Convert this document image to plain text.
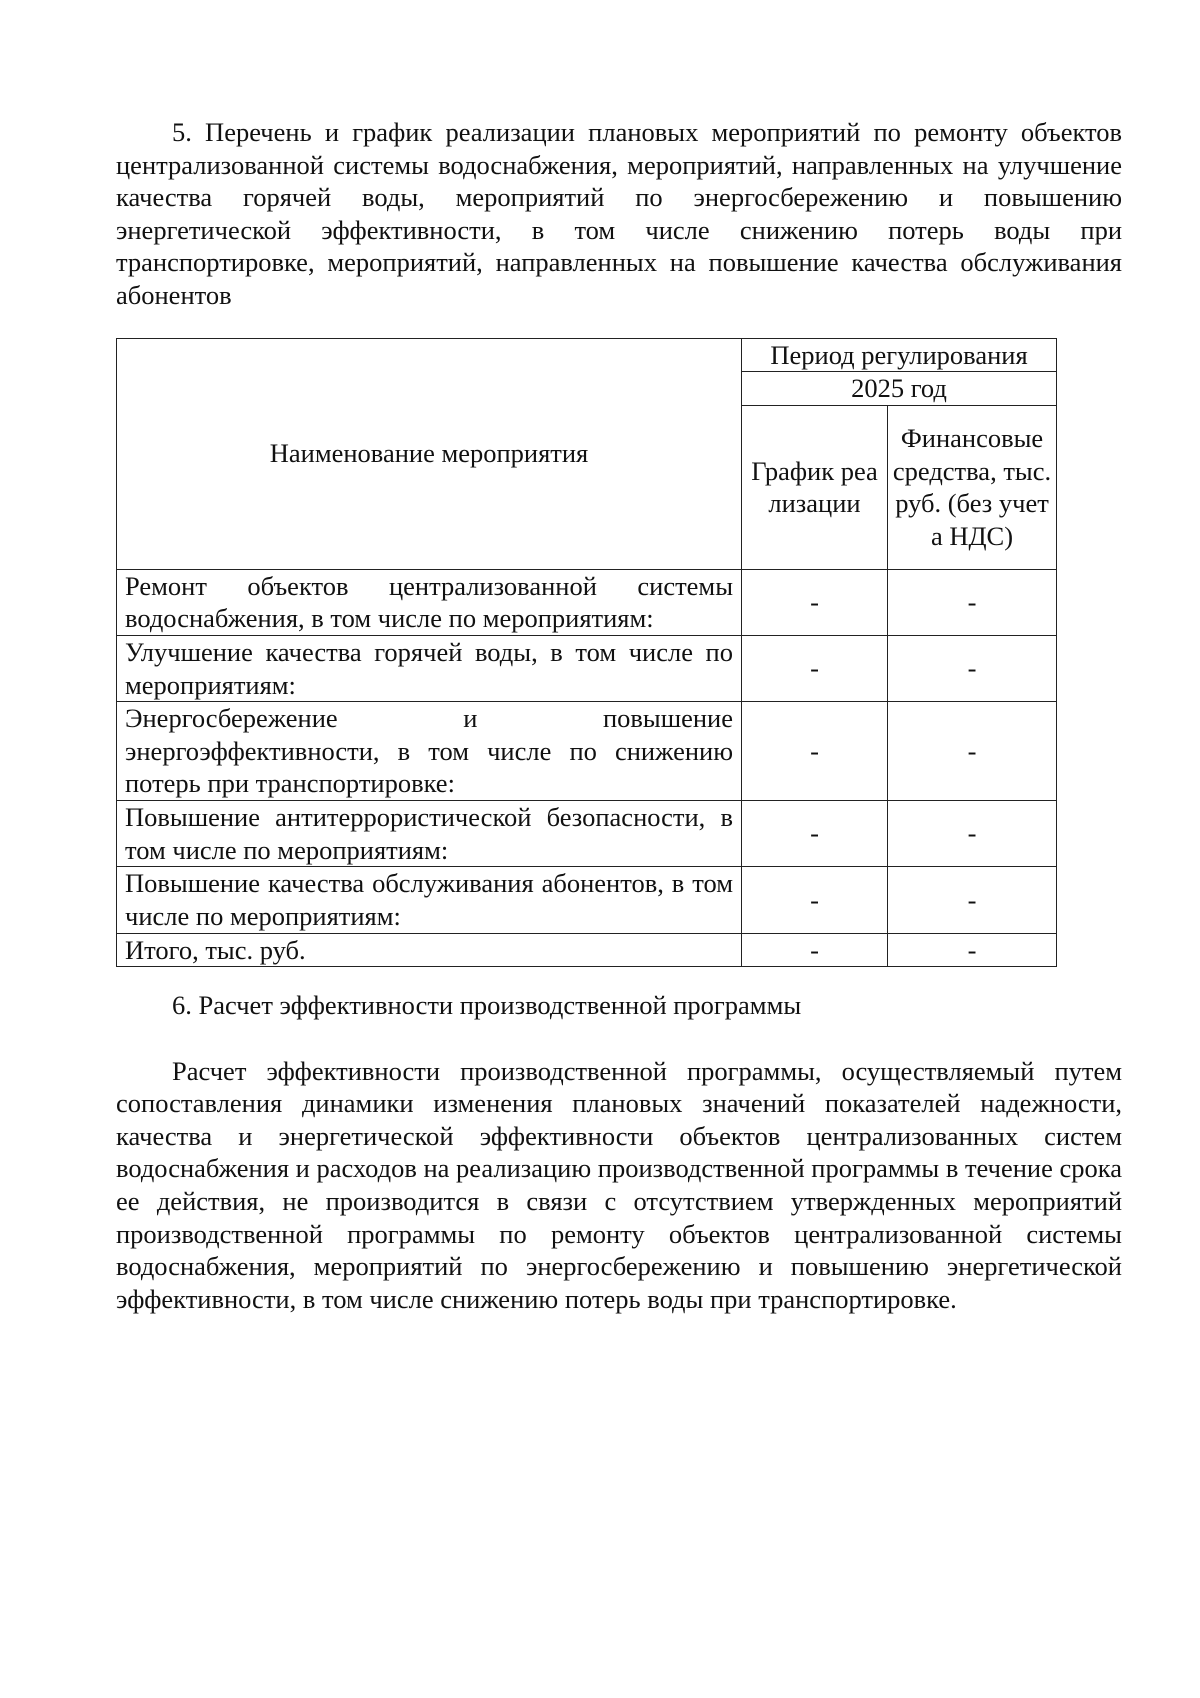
5. Перечень и график реализации плановых мероприятий по ремонту объектов централизованной системы водоснабжения, мероприятий, направленных на улучшение качества горячей воды, мероприятий по энергосбережению и повышению энергетической эффективности, в том числе снижению потерь воды при транспортировке, мероприятий, направленных на повышение качества обслуживания абонентов

Наименование мероприятия	Период регулирования	
	2025 год	
	График реализации	Финансовые средства, тыс. руб. (без учета НДС)
Ремонт объектов централизованной системы водоснабжения, в том числе по мероприятиям:	-	-
Улучшение качества горячей воды, в том числе по мероприятиям:	-	-
Энергосбережение и повышение энергоэффективности, в том числе по снижению потерь при транспортировке:	-	-
Повышение антитеррористической безопасности, в том числе по мероприятиям:	-	-
Повышение качества обслуживания абонентов, в том числе по мероприятиям:	-	-
Итого, тыс. руб.	-	-

6. Расчет эффективности производственной программы

Расчет эффективности производственной программы, осуществляемый путем сопоставления динамики изменения плановых значений показателей надежности, качества и энергетической эффективности объектов централизованных систем водоснабжения и расходов на реализацию производственной программы в течение срока ее действия, не производится в связи с отсутствием утвержденных мероприятий производственной программы по ремонту объектов централизованной системы водоснабжения, мероприятий по энергосбережению и повышению энергетической эффективности, в том числе снижению потерь воды при транспортировке.
